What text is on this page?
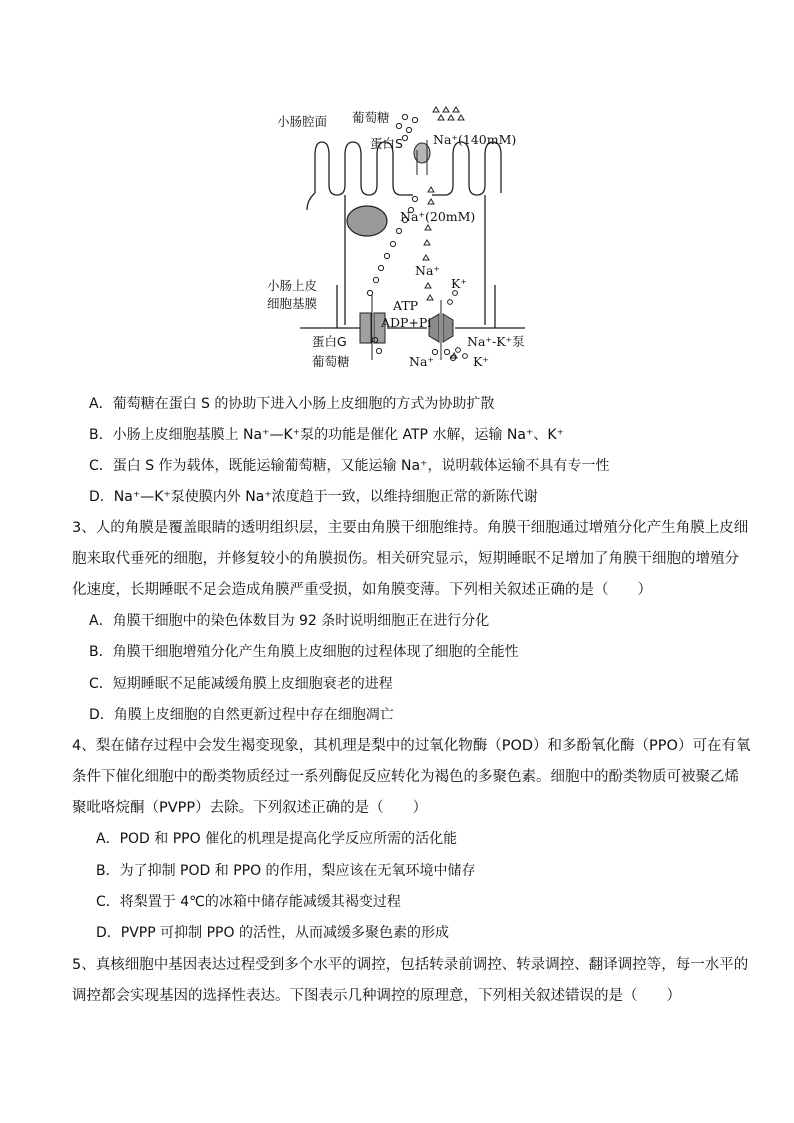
小肠腔面 葡萄糖
蛋白S Na⁺(140mM)
Na⁺(20mM)
Na⁺
K⁺
小肠上皮
细胞基膜	ATP
ADP+Pi
蛋白G
葡萄糖
Na⁺-K⁺泵
Na⁺	K⁺
A．葡萄糖在蛋白 S 的协助下进入小肠上皮细胞的方式为协助扩散
B．小肠上皮细胞基膜上 Na⁺—K⁺泵的功能是催化 ATP 水解，运输 Na⁺、K⁺
C．蛋白 S 作为载体，既能运输葡萄糖，又能运输 Na⁺，说明载体运输不具有专一性
D．Na⁺—K⁺泵使膜内外 Na⁺浓度趋于一致，以维持细胞正常的新陈代谢
3、人的角膜是覆盖眼睛的透明组织层，主要由角膜干细胞维持。角膜干细胞通过增殖分化产生角膜上皮细
胞来取代垂死的细胞，并修复较小的角膜损伤。相关研究显示，短期睡眠不足增加了角膜干细胞的增殖分
化速度，长期睡眠不足会造成角膜严重受损，如角膜变薄。下列相关叙述正确的是（　　）
A．角膜干细胞中的染色体数目为 92 条时说明细胞正在进行分化
B．角膜干细胞增殖分化产生角膜上皮细胞的过程体现了细胞的全能性
C．短期睡眠不足能减缓角膜上皮细胞衰老的进程
D．角膜上皮细胞的自然更新过程中存在细胞凋亡
4、梨在储存过程中会发生褐变现象，其机理是梨中的过氧化物酶（POD）和多酚氧化酶（PPO）可在有氧
条件下催化细胞中的酚类物质经过一系列酶促反应转化为褐色的多聚色素。细胞中的酚类物质可被聚乙烯
聚吡咯烷酮（PVPP）去除。下列叙述正确的是（　　）
A．POD 和 PPO 催化的机理是提高化学反应所需的活化能
B．为了抑制 POD 和 PPO 的作用，梨应该在无氧环境中储存
C．将梨置于 4℃的冰箱中储存能减缓其褐变过程
D．PVPP 可抑制 PPO 的活性，从而减缓多聚色素的形成
5、真核细胞中基因表达过程受到多个水平的调控，包括转录前调控、转录调控、翻译调控等，每一水平的
调控都会实现基因的选择性表达。下图表示几种调控的原理意，下列相关叙述错误的是（　　）
